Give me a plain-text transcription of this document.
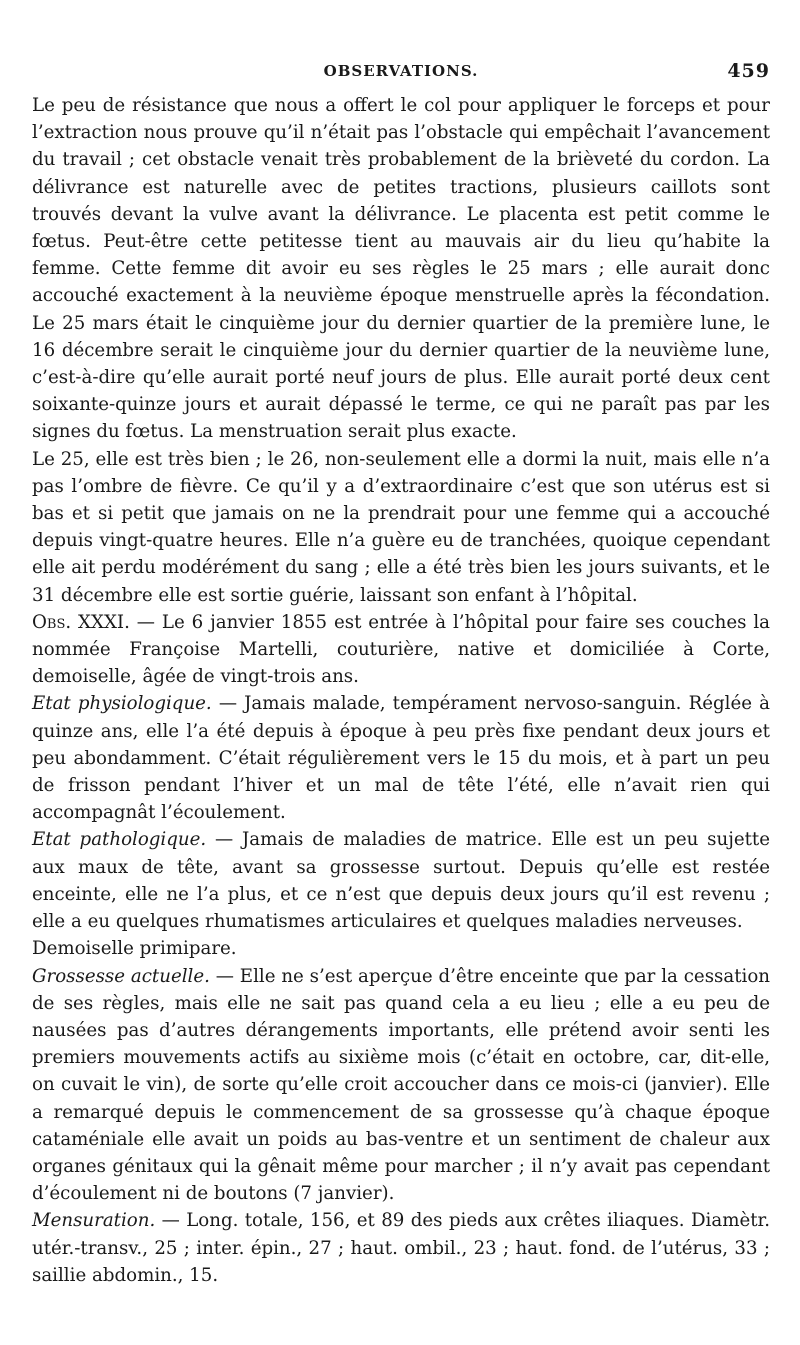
OBSERVATIONS.	459

Le peu de résistance que nous a offert le col pour appliquer le forceps et pour l’extraction nous prouve qu’il n’était pas l’obstacle qui empêchait l’avancement du travail ; cet obstacle venait très probablement de la brièveté du cordon. La délivrance est naturelle avec de petites tractions, plusieurs caillots sont trouvés devant la vulve avant la délivrance. Le placenta est petit comme le fœtus. Peut-être cette petitesse tient au mauvais air du lieu qu’habite la femme. Cette femme dit avoir eu ses règles le 25 mars ; elle aurait donc accouché exactement à la neuvième époque menstruelle après la fécondation. Le 25 mars était le cinquième jour du dernier quartier de la première lune, le 16 décembre serait le cinquième jour du dernier quartier de la neuvième lune, c’est-à-dire qu’elle aurait porté neuf jours de plus. Elle aurait porté deux cent soixante-quinze jours et aurait dépassé le terme, ce qui ne paraît pas par les signes du fœtus. La menstruation serait plus exacte.

Le 25, elle est très bien ; le 26, non-seulement elle a dormi la nuit, mais elle n’a pas l’ombre de fièvre. Ce qu’il y a d’extraordinaire c’est que son utérus est si bas et si petit que jamais on ne la prendrait pour une femme qui a accouché depuis vingt-quatre heures. Elle n’a guère eu de tranchées, quoique cependant elle ait perdu modérément du sang ; elle a été très bien les jours suivants, et le 31 décembre elle est sortie guérie, laissant son enfant à l’hôpital.

Obs. XXXI. — Le 6 janvier 1855 est entrée à l’hôpital pour faire ses couches la nommée Françoise Martelli, couturière, native et domiciliée à Corte, demoiselle, âgée de vingt-trois ans.

Etat physiologique. — Jamais malade, tempérament nervoso-sanguin. Réglée à quinze ans, elle l’a été depuis à époque à peu près fixe pendant deux jours et peu abondamment. C’était régulièrement vers le 15 du mois, et à part un peu de frisson pendant l’hiver et un mal de tête l’été, elle n’avait rien qui accompagnât l’écoulement.

Etat pathologique. — Jamais de maladies de matrice. Elle est un peu sujette aux maux de tête, avant sa grossesse surtout. Depuis qu’elle est restée enceinte, elle ne l’a plus, et ce n’est que depuis deux jours qu’il est revenu ; elle a eu quelques rhumatismes articulaires et quelques maladies nerveuses.

Demoiselle primipare.

Grossesse actuelle. — Elle ne s’est aperçue d’être enceinte que par la cessation de ses règles, mais elle ne sait pas quand cela a eu lieu ; elle a eu peu de nausées pas d’autres dérangements importants, elle prétend avoir senti les premiers mouvements actifs au sixième mois (c’était en octobre, car, dit-elle, on cuvait le vin), de sorte qu’elle croit accoucher dans ce mois-ci (janvier). Elle a remarqué depuis le commencement de sa grossesse qu’à chaque époque cataméniale elle avait un poids au bas-ventre et un sentiment de chaleur aux organes génitaux qui la gênait même pour marcher ; il n’y avait pas cependant d’écoulement ni de boutons (7 janvier).

Mensuration. — Long. totale, 156, et 89 des pieds aux crêtes iliaques. Diamètr. utér.-transv., 25 ; inter. épin., 27 ; haut. ombil., 23 ; haut. fond. de l’utérus, 33 ; saillie abdomin., 15.
